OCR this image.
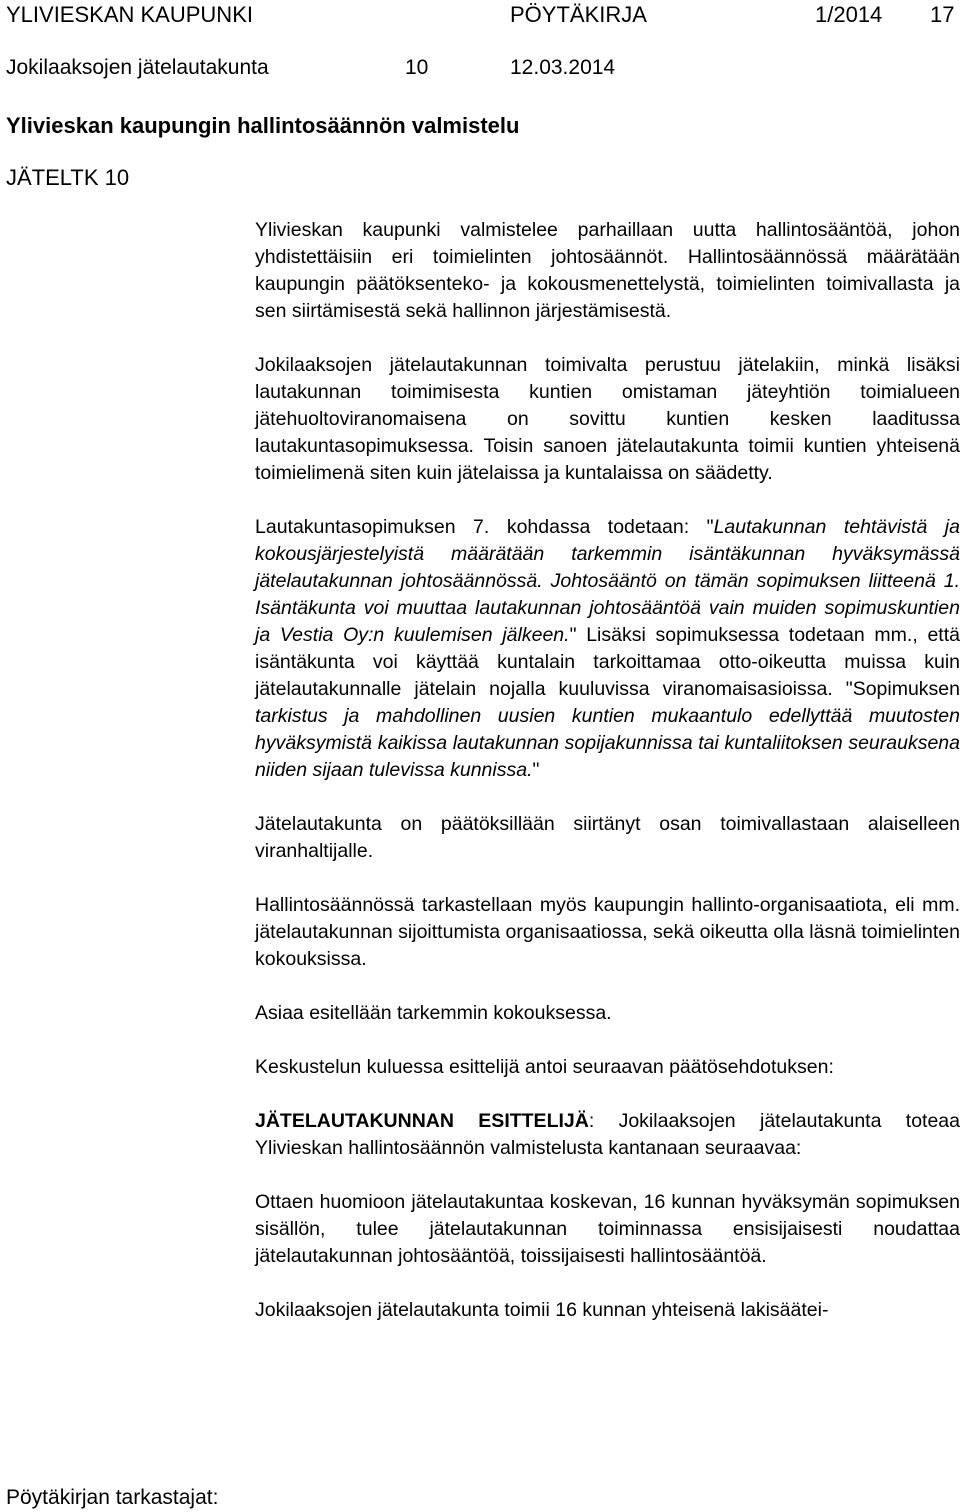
YLIVIESKAN KAUPUNKI	PÖYTÄKIRJA	1/2014 17
Jokilaaksojen jätelautakunta	10	12.03.2014
Ylivieskan kaupungin hallintosäännön valmistelu
JÄTELTK 10

Ylivieskan kaupunki valmistelee parhaillaan uutta hallintosääntöä, johon yhdistettäisiin eri toimielinten johtosäännöt. Hallintosäännössä määrätään kaupungin päätöksenteko- ja kokousmenettelystä, toimielinten toimivallasta ja sen siirtämisestä sekä hallinnon järjestämisestä.

Jokilaaksojen jätelautakunnan toimivalta perustuu jätelakiin, minkä lisäksi lautakunnan toimimisesta kuntien omistaman jäteyhtiön toimialueen jätehuoltoviranomaisena on sovittu kuntien kesken laaditussa lautakuntasopimuksessa. Toisin sanoen jätelautakunta toimii kuntien yhteisenä toimielimenä siten kuin jätelaissa ja kuntalaissa on säädetty.

Lautakuntasopimuksen 7. kohdassa todetaan: "Lautakunnan tehtävistä ja kokousjärjestelyistä määrätään tarkemmin isäntäkunnan hyväksymässä jätelautakunnan johtosäännössä. Johtosääntö on tämän sopimuksen liitteenä 1. Isäntäkunta voi muuttaa lautakunnan johtosääntöä vain muiden sopimuskuntien ja Vestia Oy:n kuulemisen jälkeen." Lisäksi sopimuksessa todetaan mm., että isäntäkunta voi käyttää kuntalain tarkoittamaa otto-oikeutta muissa kuin jätelautakunnalle jätelain nojalla kuuluvissa viranomaisasioissa. "Sopimuksen tarkistus ja mahdollinen uusien kuntien mukaantulo edellyttää muutosten hyväksymistä kaikissa lautakunnan sopijakunnissa tai kuntaliitoksen seurauksena niiden sijaan tulevissa kunnissa."

Jätelautakunta on päätöksillään siirtänyt osan toimivallastaan alaiselleen viranhaltijalle.

Hallintosäännössä tarkastellaan myös kaupungin hallinto-organisaatiota, eli mm. jätelautakunnan sijoittumista organisaatiossa, sekä oikeutta olla läsnä toimielinten kokouksissa.

Asiaa esitellään tarkemmin kokouksessa.

Keskustelun kuluessa esittelijä antoi seuraavan päätösehdotuksen:

JÄTELAUTAKUNNAN ESITTELIJÄ: Jokilaaksojen jätelautakunta toteaa Ylivieskan hallintosäännön valmistelusta kantanaan seuraavaa:

Ottaen huomioon jätelautakuntaa koskevan, 16 kunnan hyväksymän sopimuksen sisällön, tulee jätelautakunnan toiminnassa ensisijaisesti noudattaa jätelautakunnan johtosääntöä, toissijaisesti hallintosääntöä.

Jokilaaksojen jätelautakunta toimii 16 kunnan yhteisenä lakisäätei-

Pöytäkirjan tarkastajat:
